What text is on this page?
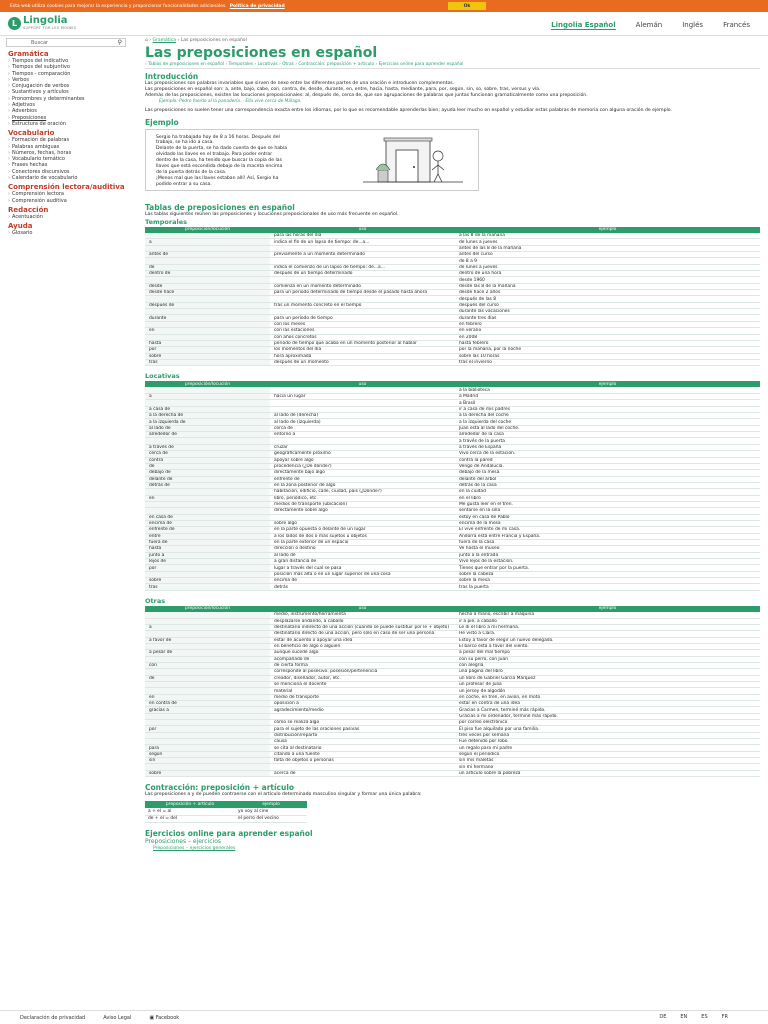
Esta web utiliza cookies para mejorar la experiencia y proporcionar funcionalidades adicionales. Política de privacidad	Ok
L Lingolia
SUPPORT FOR LES MOINES	Lingolia Español	Alemán	Inglés	Francés
Buscar	⚲
Gramática
› Tiempos del indicativo
› Tiempos del subjuntivo
› Tiempos - comparación
› Verbos
› Conjugación de verbos
› Sustantivos y artículos
› Pronombres y determinantes
› Adjetivos
› Adverbios
› Preposiciones
› Estructura de oración
Vocabulario
› Formación de palabras
› Palabras ambiguas
› Números, fechas, horas
› Vocabulario temático
› Frases hechas
› Conectores discursivos
› Calendario de vocabulario
Comprensión lectora/auditiva
› Comprensión lectora
› Comprensión auditiva
Redacción
› Acentuación
Ayuda
› Glosario
⌂ › Gramática › Las preposiciones en español
Las preposiciones en español
› Tablas de preposiciones en español › Temporales › Locativas › Otras › Contracción: preposición + artículo › Ejercicios online para aprender español
Introducción
Las preposiciones son palabras invariables que sirven de nexo entre las diferentes partes de una oración e introducen complementos.
Las preposiciones en español son: a, ante, bajo, cabe, con, contra, de, desde, durante, en, entre, hacia, hasta, mediante, para, por, según, sin, so, sobre, tras, versus y vía.
Además de las preposiciones, existen las locuciones preposicionales: al, después de, cerca de, que son agrupaciones de palabras que juntas funcionan gramaticalmente como una preposición.
Ejemplo: Pedro fue/do al la panadería. · Ella vive cerca de Málaga.
Las preposiciones no suelen tener una correspondencia exacta entre los idiomas, por lo que es recomendable aprenderlas bien; ayuda leer mucho en español y estudiar estas palabras de memoria con alguna oración de ejemplo.
Ejemplo
Sergio ha trabajado hoy de 8 a 16 horas. Después del
trabajo, se ha ido a casa.
Delante de la puerta, se ha dado cuenta de que se había
olvidado las llaves en el trabajo. Para poder entrar
dentro de la casa, ha tenido que buscar la copia de las
llaves que está escondida debajo de la maceta encima
de la puerta detrás de la casa.
¡Menos mal que las llaves estaban allí! Así, Sergio ha
podido entrar a su casa.
Tablas de preposiciones en español
Las tablas siguientes reúnen las preposiciones y locuciones preposicionales de uso más frecuente en español.
Temporales
preposición/locución	uso	ejemplo
	para las horas del día	a las 8 de la mañana
a	indica el fin de un lapso de tiempo: de...a...	de lunes a jueves
		antes de las 8 de la mañana
antes de	previamente a un momento determinado	antes del curso
		de 8 a 9
de	indica el comienzo de un lapso de tiempo: de...a...	de lunes a jueves
dentro de	después de un tiempo determinado	dentro de una hora
		desde 1960
desde	comienza en un momento determinado	desde las 8 de la mañana
desde hace	para un periodo determinado de tiempo desde el pasado hasta ahora	desde hace 2 años
		después de las 8
después de	tras un momento concreto en el tiempo	después del curso
		durante las vacaciones
durante	para un periodo de tiempo	durante tres días
	con los meses	en febrero
en	con las estaciones	en verano
	con años concretos	en 2008
hasta	periodo de tiempo que acaba en un momento posterior al hablar	hasta febrero
por	los momentos del día	por la mañana, por la noche
sobre	hora aproximada	sobre las 10 horas
tras	después de un momento	tras el invierno
Locativas
preposición/locución	uso	ejemplo
		a la biblioteca
a	hacia un lugar	a Madrid
		a Brasil
a casa de		ir a casa de mis padres
a la derecha de	al lado de (derecha)	a la derecha del coche
a la izquierda de	al lado de (izquierda)	a la izquierda del coche
al lado de	cerca de	Juan está al lado del coche.
alrededor de	entorno a	alrededor de la casa
		a través de la puerta
a través de	cruzar	a través de España
cerca de	geográficamente próximo	Vivo cerca de la estación.
contra	apoyar sobre algo	contra la pared
de	procedencia (¿De dónde?)	Vengo de Andalucía.
debajo de	directamente bajo algo	debajo de la mesa
delante de	enfrente de	delante del árbol
detrás de	en la zona posterior de algo	detrás de la casa
	habitación, edificio, calle, ciudad, país (¿Dónde?)	en la ciudad
en	libro, periódico, etc.	en el libro
	medios de transporte (ubicación)	Me gusta leer en el tren.
	directamente sobre algo	sentarse en la silla
en casa de		estoy en casa de Pablo
encima de	sobre algo	encima de la mesa
enfrente de	en la parte opuesta o delante de un lugar	El vive enfrente de mi casa.
entre	a los lados de dos o más sujetos u objetos	Andorra está entre Francia y España.
fuera de	en la parte exterior de un espacio	fuera de la casa
hasta	dirección o destino	Ve hasta el museo
junto a	al lado de	junto a la entrada
lejos de	a gran distancia de	Vivo lejos de la estación.
por	lugar a través del cual se pasa	Tienes que entrar por la puerta.
	posición más alta o en un lugar superior de una cosa	sobre la cabeza
sobre	encima de	sobre la mesa
tras	detrás	tras la puerta
Otras
preposición/locución	uso	ejemplo
	medio, instrumento/herramienta	hecho a mano, escribir a máquina
	desplazarse andando, a caballo	ir a pie, a caballo
a	destinatario indirecto de una acción (cuando se puede sustituir por le + objeto)	Le di el libro a mi hermana.
	destinatario directo de una acción, pero sólo en caso de ser una persona	He visto a Clara.
a favor de	estar de acuerdo o apoyar una idea	Estoy a favor de elegir un nuevo delegado.
	en beneficio de algo o alguien	El barco está a favor del viento.
a pesar de	aunque sucede algo	a pesar del mal tiempo
	acompañado de	con su perro, con Juan
con	de cierta forma	con alegría
	corresponde al posesivo: posesión/pertenencia	una página del libro
de	creador, diseñador, autor, etc.	un libro de Gabriel García Márquez
	se menciona el docente	un profesor de Julia
	material	un jersey de algodón
en	medio de transporte	en coche, en tren, en avión, en moto
en contra de	oposición a	estar en contra de una idea
gracias a	agradecimiento/medio	Gracias a Carmen, terminé más rápido.
		Gracias a mi ordenador, terminé más rápido.
	cómo se realiza algo	por correo electrónico
por	para el sujeto de las oraciones pasivas	El piso fue alquilado por una familia.
	distribución/reparto	tres veces por semana
	causa	Fue detenido por robo.
para	se cita al destinatario	un regalo para mi padre
según	citando a una fuente	según el periódico
sin	falta de objetos o personas	sin mis maletas
		sin mi hermano
sobre	acerca de	un artículo sobre la pobreza
Contracción: preposición + artículo
Las preposiciones a y de pueden contraerse con el artículo determinado masculino singular y formar una única palabra:
preposición + artículo	ejemplo
a + el = al	yo voy al cine
de + el = del	el perro del vecino
Ejercicios online para aprender español
Preposiciones – ejercicios
Preposiciones – ejercicios generales
Declaración de privacidad	Aviso Legal	▣ Facebook	DE	EN	ES	FR
